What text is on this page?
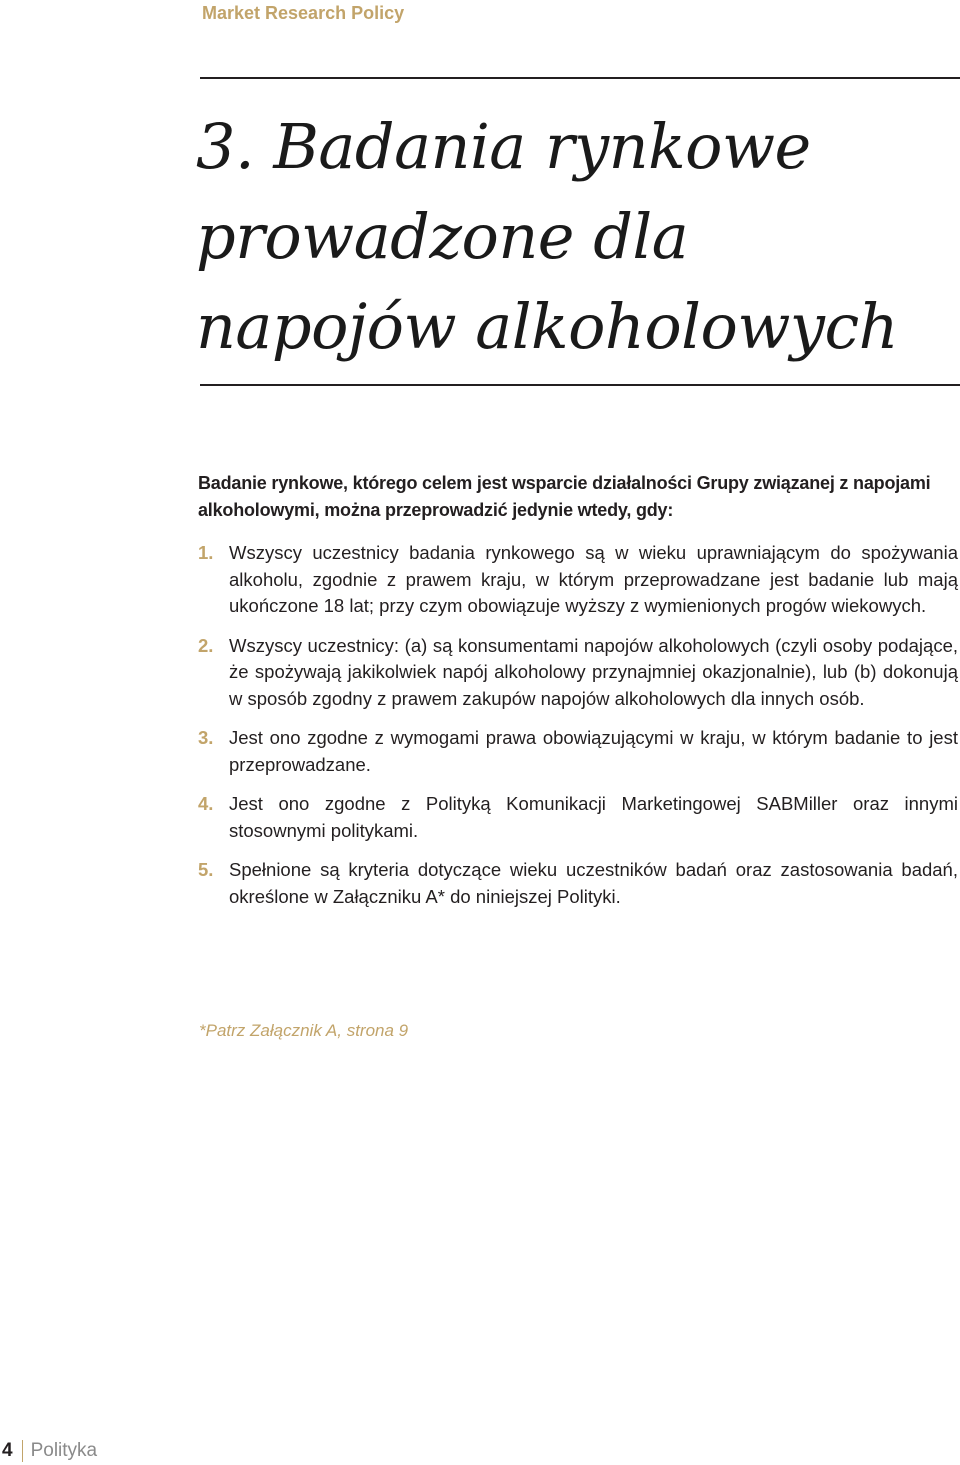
Market Research Policy
3. Badania rynkowe
prowadzone dla
napojów alkoholowych
Badanie rynkowe, którego celem jest wsparcie działalności Grupy związanej z napojami alkoholowymi, można przeprowadzić jedynie wtedy, gdy:
1. Wszyscy uczestnicy badania rynkowego są w wieku uprawniającym do spożywania alkoholu, zgodnie z prawem kraju, w którym przeprowadzane jest badanie lub mają ukończone 18 lat; przy czym obowiązuje wyższy z wymienionych progów wiekowych.
2. Wszyscy uczestnicy: (a) są konsumentami napojów alkoholowych (czyli osoby podające, że spożywają jakikolwiek napój alkoholowy przynajmniej okazjonalnie), lub (b) dokonują w sposób zgodny z prawem zakupów napojów alkoholowych dla innych osób.
3. Jest ono zgodne z wymogami prawa obowiązującymi w kraju, w którym badanie to jest przeprowadzane.
4. Jest ono zgodne z Polityką Komunikacji Marketingowej SABMiller oraz innymi stosownymi politykami.
5. Spełnione są kryteria dotyczące wieku uczestników badań oraz zastosowania badań, określone w Załączniku A* do niniejszej Polityki.
*Patrz Załącznik A, strona 9
4 Polityka
